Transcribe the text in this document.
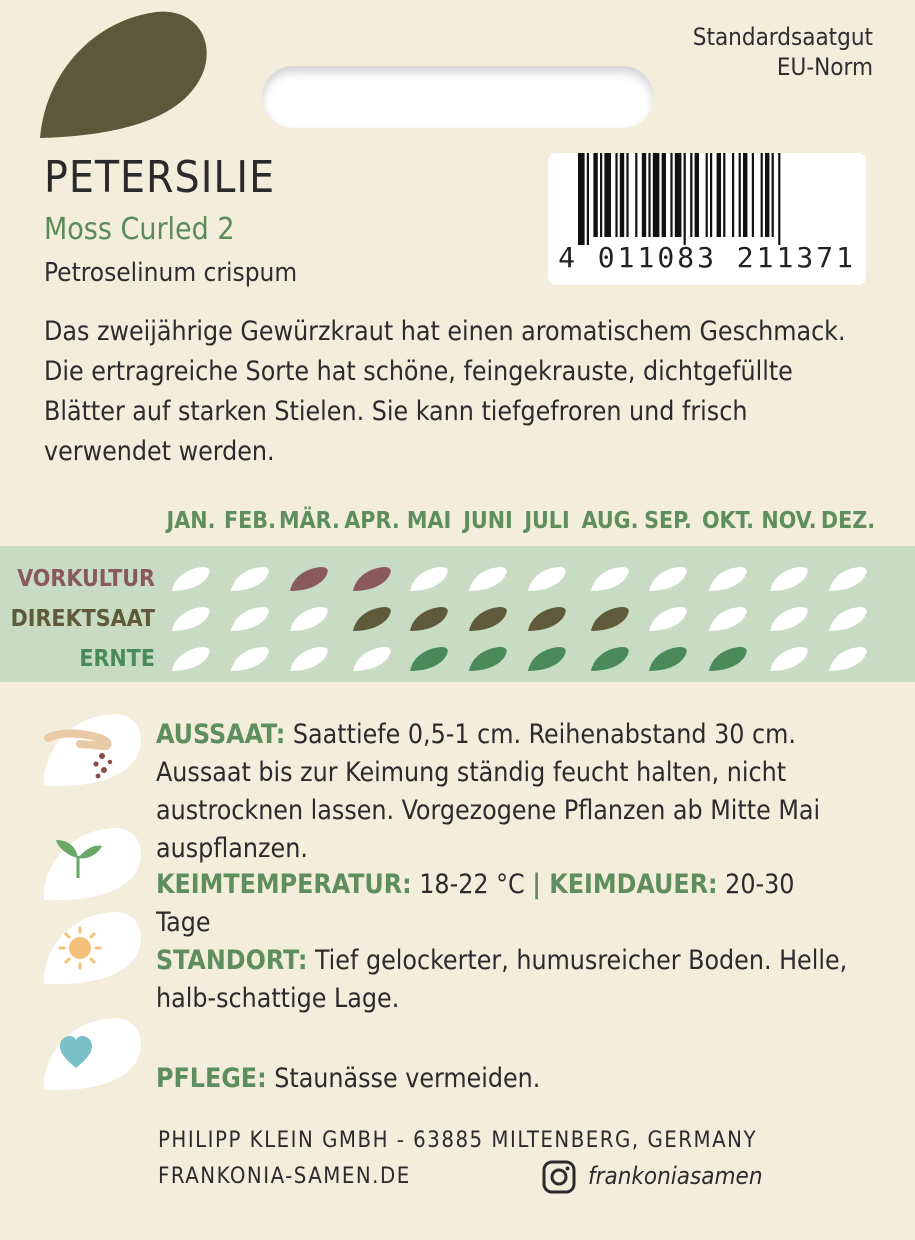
Standardsaatgut
EU-Norm
PETERSILIE
Moss Curled 2
Petroselinum crispum	4 011083 211371
Das zweijährige Gewürzkraut hat einen aromatischem Geschmack. Die ertragreiche Sorte hat schöne, feingekrauste, dichtgefüllte Blätter auf starken Stielen. Sie kann tiefgefroren und frisch verwendet werden.
JAN. FEB. MÄR. APR. MAI JUNI JULI AUG. SEP. OKT. NOV. DEZ.
VORKULTUR
DIREKTSAAT
ERNTE
AUSSAAT: Saattiefe 0,5-1 cm. Reihenabstand 30 cm. Aussaat bis zur Keimung ständig feucht halten, nicht austrocknen lassen. Vorgezogene Pflanzen ab Mitte Mai auspflanzen.
KEIMTEMPERATUR: 18-22 °C | KEIMDAUER: 20-30 Tage
STANDORT: Tief gelockerter, humusreicher Boden. Helle, halb-schattige Lage.
PFLEGE: Staunässe vermeiden.
PHILIPP KLEIN GMBH - 63885 MILTENBERG, GERMANY
FRANKONIA-SAMEN.DE	frankoniasamen
